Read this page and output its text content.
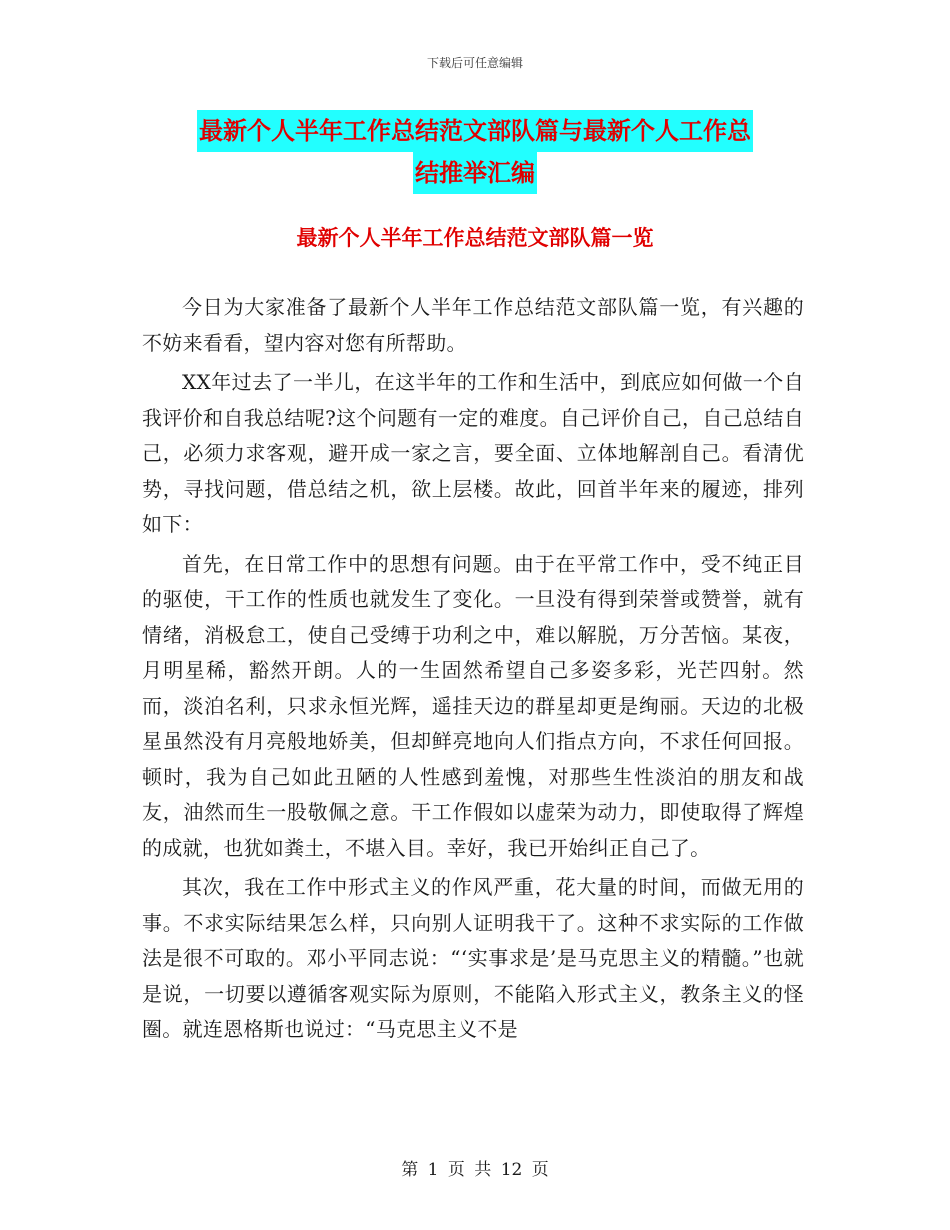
下载后可任意编辑
最新个人半年工作总结范文部队篇与最新个人工作总
结推举汇编
最新个人半年工作总结范文部队篇一览

今日为大家准备了最新个人半年工作总结范文部队篇一览，有兴趣的不妨来看看，望内容对您有所帮助。

XX年过去了一半儿，在这半年的工作和生活中，到底应如何做一个自我评价和自我总结呢?这个问题有一定的难度。自己评价自己，自己总结自己，必须力求客观，避开成一家之言，要全面、立体地解剖自己。看清优势，寻找问题，借总结之机，欲上层楼。故此，回首半年来的履迹，排列如下：

首先，在日常工作中的思想有问题。由于在平常工作中，受不纯正目的驱使，干工作的性质也就发生了变化。一旦没有得到荣誉或赞誉，就有情绪，消极怠工，使自己受缚于功利之中，难以解脱，万分苦恼。某夜，月明星稀，豁然开朗。人的一生固然希望自己多姿多彩，光芒四射。然而，淡泊名利，只求永恒光辉，遥挂天边的群星却更是绚丽。天边的北极星虽然没有月亮般地娇美，但却鲜亮地向人们指点方向，不求任何回报。顿时，我为自己如此丑陋的人性感到羞愧，对那些生性淡泊的朋友和战友，油然而生一股敬佩之意。干工作假如以虚荣为动力，即使取得了辉煌的成就，也犹如粪土，不堪入目。幸好，我已开始纠正自己了。

其次，我在工作中形式主义的作风严重，花大量的时间，而做无用的事。不求实际结果怎么样，只向别人证明我干了。这种不求实际的工作做法是很不可取的。邓小平同志说：“‘实事求是’是马克思主义的精髓。”也就是说，一切要以遵循客观实际为原则，不能陷入形式主义，教条主义的怪圈。就连恩格斯也说过：“马克思主义不是

第 1 页 共 12 页
